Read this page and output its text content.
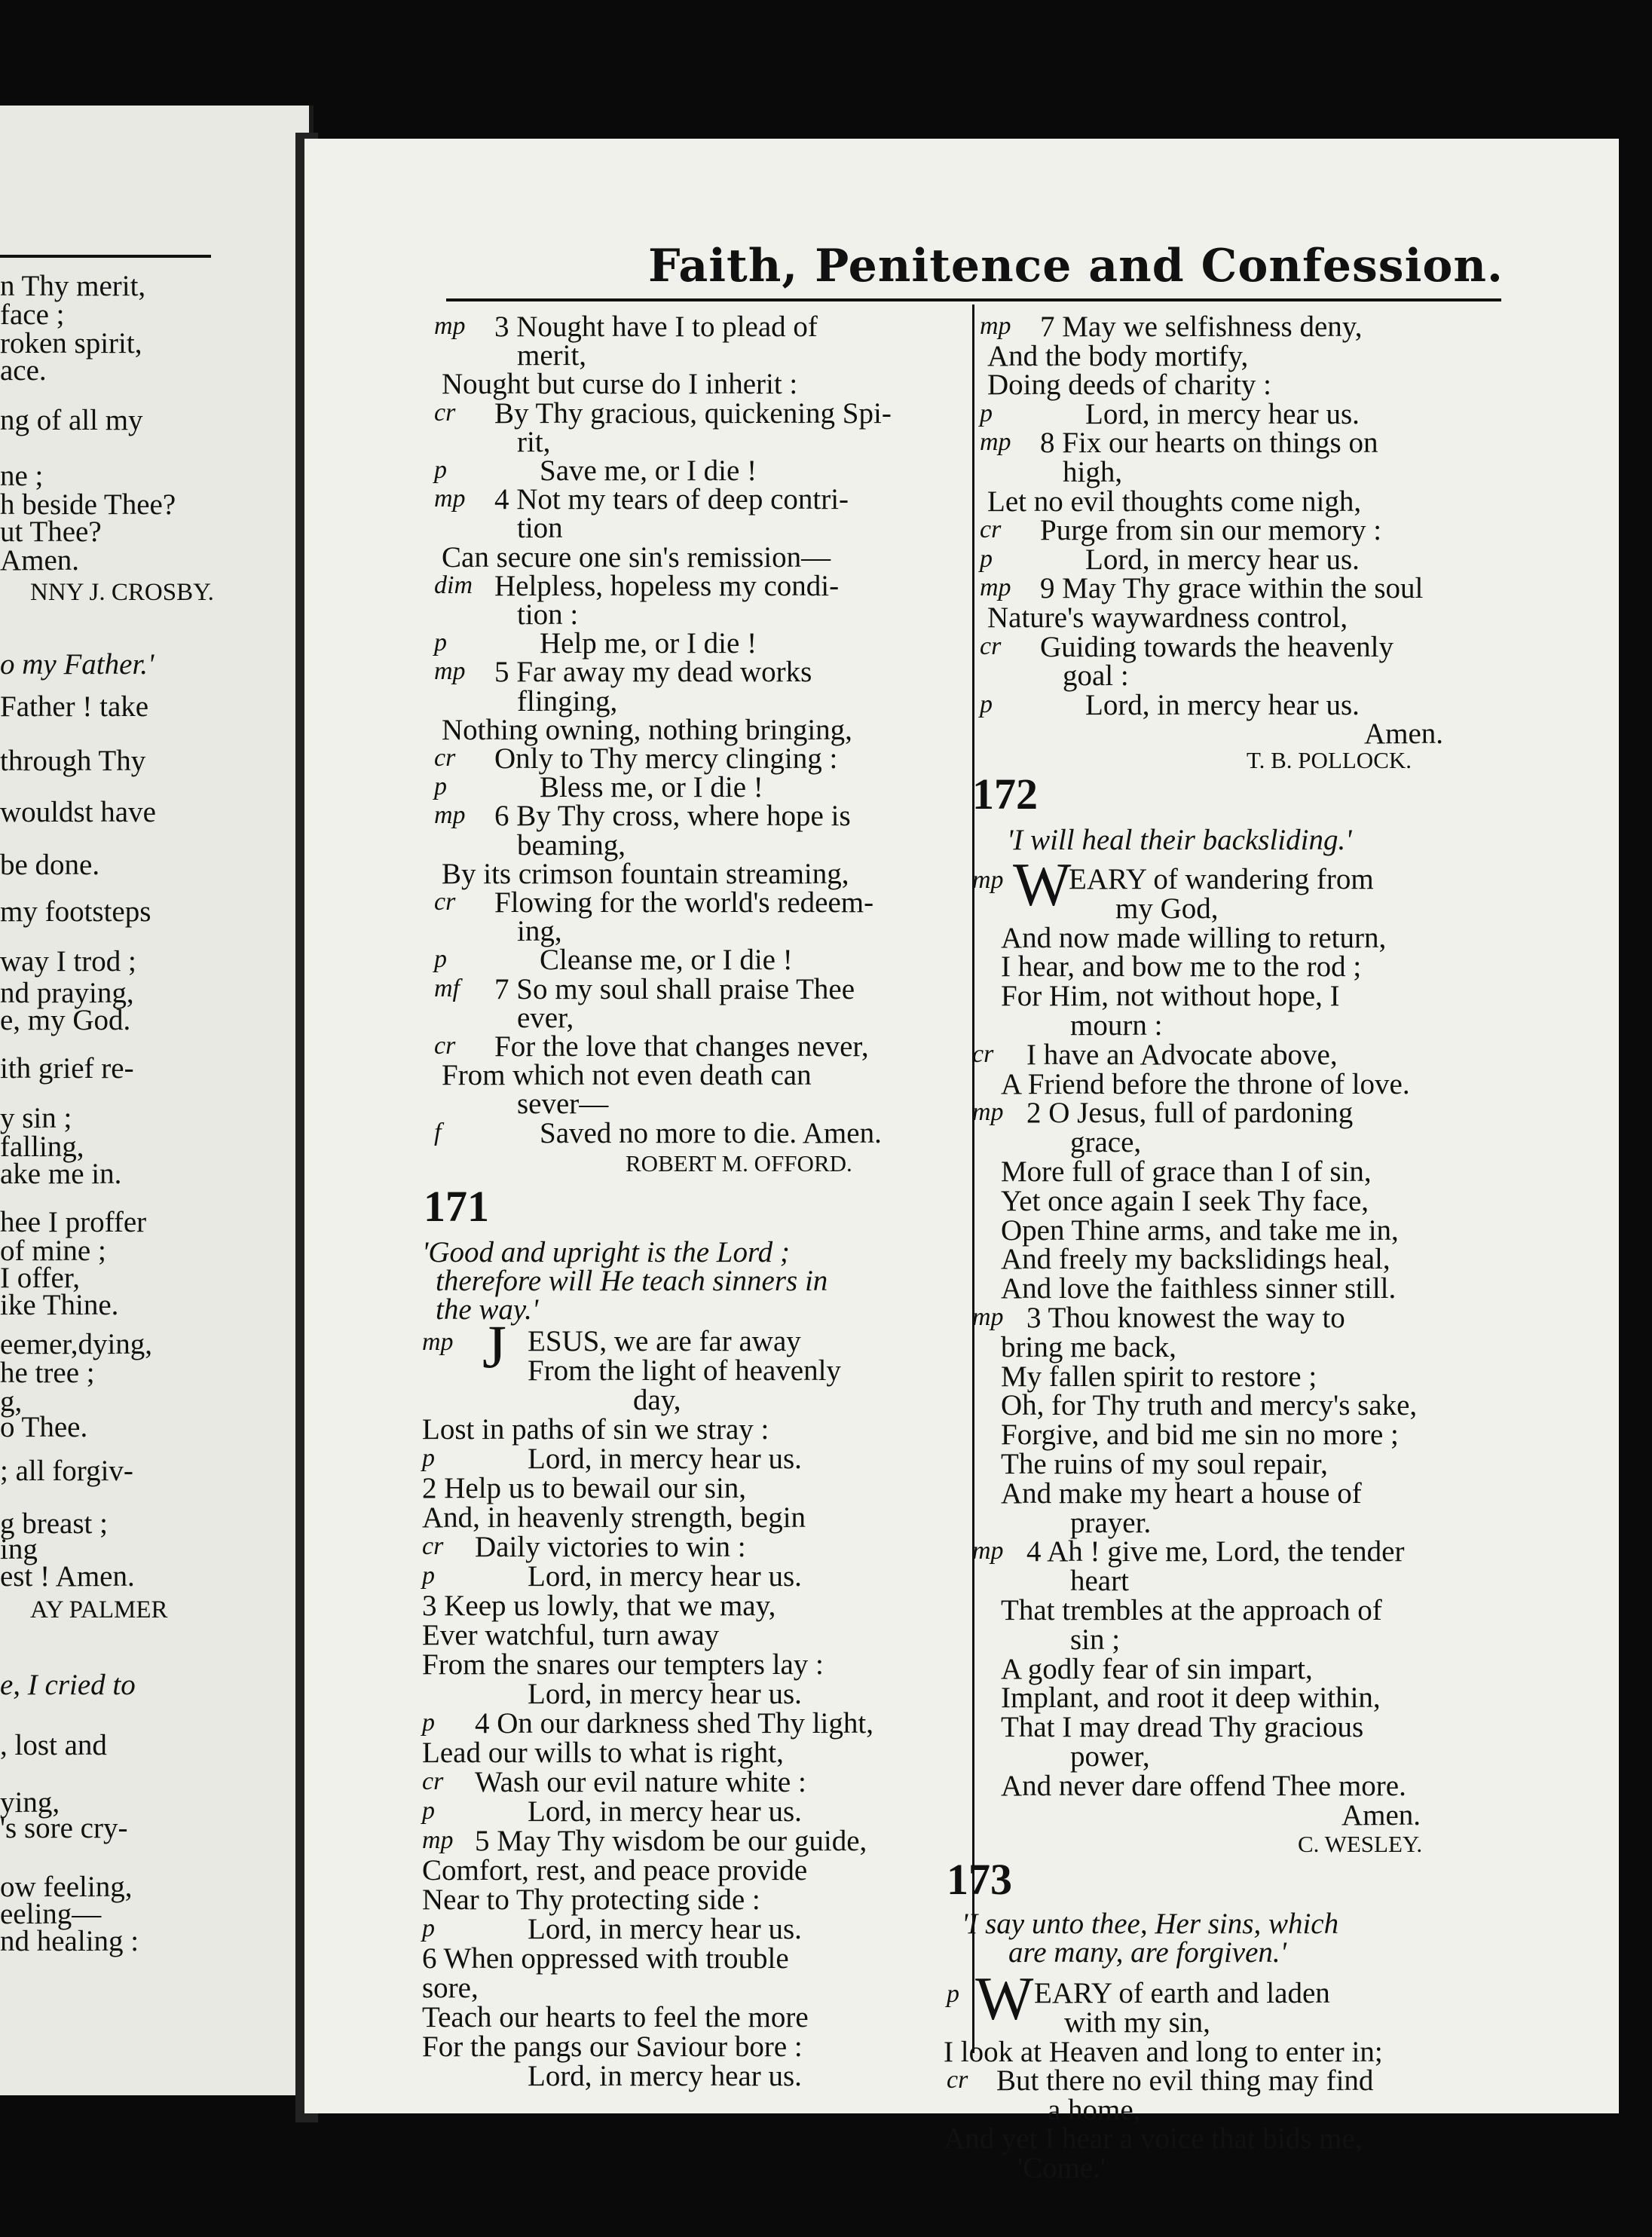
Faith, Penitence and Confession.
n Thy merit,
face ;
roken spirit,
ace.
ng of all my
ne ;
h beside Thee?
ut Thee?
Amen.
NNY J. CROSBY.
o my Father.'
Father ! take
through Thy
wouldst have
be done.
my footsteps
way I trod ;
nd praying,
e, my God.
ith grief re-
y sin ;
falling,
ake me in.
hee I proffer
of mine ;
I offer,
ike Thine.
eemer,dying,
he tree ;
g,
o Thee.
; all forgiv-
g breast ;
ing
est ! Amen.
AY PALMER
e, I cried to
, lost and
ying,
's sore cry-
ow feeling,
eeling—
nd healing :
mp 3 Nought have I to plead of
merit,
Nought but curse do I inherit :
cr By Thy gracious, quickening Spi-
rit,
p	Save me, or I die !
mp 4 Not my tears of deep contri-
tion
Can secure one sin's remission—
dim Helpless, hopeless my condi-
tion :
p	Help me, or I die !
mp 5 Far away my dead works
flinging,
Nothing owning, nothing bringing,
cr Only to Thy mercy clinging :
p	Bless me, or I die !
mp 6 By Thy cross, where hope is
beaming,
By its crimson fountain streaming,
cr Flowing for the world's redeem-
ing,
p	Cleanse me, or I die !
mf 7 So my soul shall praise Thee
ever,
cr For the love that changes never,
From which not even death can
sever—
f	Saved no more to die. Amen.
ROBERT M. OFFORD.
171
'Good and upright is the Lord ;
therefore will He teach sinners in
the way.'
mp J ESUS, we are far away
From the light of heavenly
day,
Lost in paths of sin we stray :
p	Lord, in mercy hear us.
2 Help us to bewail our sin,
And, in heavenly strength, begin
cr Daily victories to win :
p	Lord, in mercy hear us.
3 Keep us lowly, that we may,
Ever watchful, turn away
From the snares our tempters lay :
Lord, in mercy hear us.
p 4 On our darkness shed Thy light,
Lead our wills to what is right,
cr Wash our evil nature white :
p	Lord, in mercy hear us.
mp 5 May Thy wisdom be our guide,
Comfort, rest, and peace provide
Near to Thy protecting side :
p	Lord, in mercy hear us.
6 When oppressed with trouble
sore,
Teach our hearts to feel the more
For the pangs our Saviour bore :
Lord, in mercy hear us.
mp 7 May we selfishness deny,
And the body mortify,
Doing deeds of charity :
p	Lord, in mercy hear us.
mp 8 Fix our hearts on things on
high,
Let no evil thoughts come nigh,
cr Purge from sin our memory :
p	Lord, in mercy hear us.
mp 9 May Thy grace within the soul
Nature's waywardness control,
cr Guiding towards the heavenly
goal :
p	Lord, in mercy hear us.
Amen.
T. B. POLLOCK.
172
'I will heal their backsliding.'
mp W
EARY of wandering from
my God,
And now made willing to return,
I hear, and bow me to the rod ;
For Him, not without hope, I
mourn :
cr I have an Advocate above,
A Friend before the throne of love.
mp 2 O Jesus, full of pardoning
grace,
More full of grace than I of sin,
Yet once again I seek Thy face,
Open Thine arms, and take me in,
And freely my backslidings heal,
And love the faithless sinner still.
mp 3 Thou knowest the way to
bring me back,
My fallen spirit to restore ;
Oh, for Thy truth and mercy's sake,
Forgive, and bid me sin no more ;
The ruins of my soul repair,
And make my heart a house of
prayer.
mp 4 Ah ! give me, Lord, the tender
heart
That trembles at the approach of
sin ;
A godly fear of sin impart,
Implant, and root it deep within,
That I may dread Thy gracious
power,
And never dare offend Thee more.
Amen.
C. WESLEY.
173
'I say unto thee, Her sins, which
are many, are forgiven.'
p W EARY of earth and laden
with my sin,
I look at Heaven and long to enter in;
cr But there no evil thing may find
a home,
And yet I hear a voice that bids me,
'Come.'
